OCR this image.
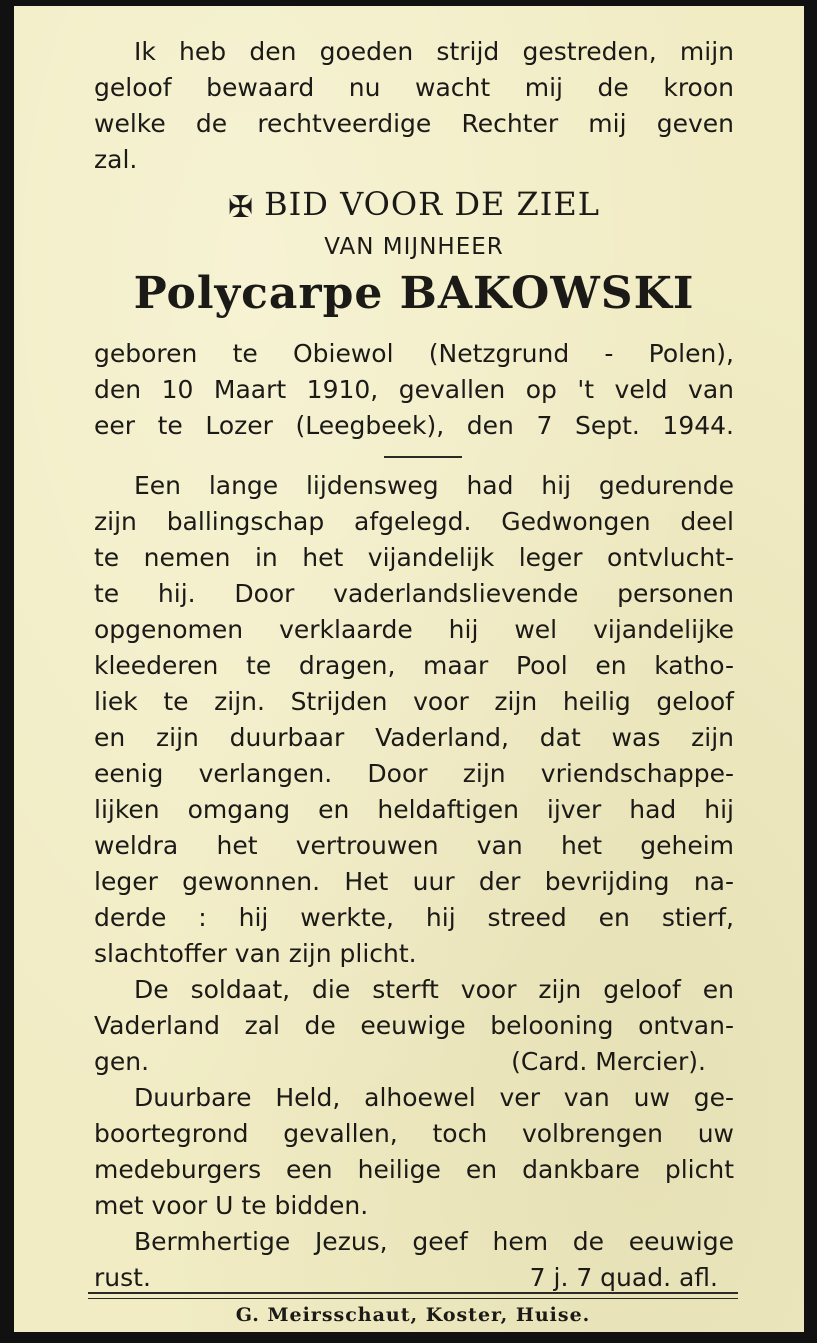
Ik heb den goeden strijd gestreden, mijn
geloof bewaard nu wacht mij de kroon
welke de rechtveerdige Rechter mij geven
zal.
✠ BID VOOR DE ZIEL
VAN MIJNHEER
Polycarpe BAKOWSKI
geboren te Obiewol (Netzgrund - Polen),
den 10 Maart 1910, gevallen op 't veld van
eer te Lozer (Leegbeek), den 7 Sept. 1944.
Een lange lijdensweg had hij gedurende
zijn ballingschap afgelegd. Gedwongen deel
te nemen in het vijandelijk leger ontvlucht-
te hij. Door vaderlandslievende personen
opgenomen verklaarde hij wel vijandelijke
kleederen te dragen, maar Pool en katho-
liek te zijn. Strijden voor zijn heilig geloof
en zijn duurbaar Vaderland, dat was zijn
eenig verlangen. Door zijn vriendschappe-
lijken omgang en heldaftigen ijver had hij
weldra het vertrouwen van het geheim
leger gewonnen. Het uur der bevrijding na-
derde : hij werkte, hij streed en stierf,
slachtoffer van zijn plicht.
De soldaat, die sterft voor zijn geloof en
Vaderland zal de eeuwige belooning ontvan-
gen.	(Card. Mercier).
Duurbare Held, alhoewel ver van uw ge-
boortegrond gevallen, toch volbrengen uw
medeburgers een heilige en dankbare plicht
met voor U te bidden.
Bermhertige Jezus, geef hem de eeuwige
rust.	7 j. 7 quad. afl.
G. Meirsschaut, Koster, Huise.
